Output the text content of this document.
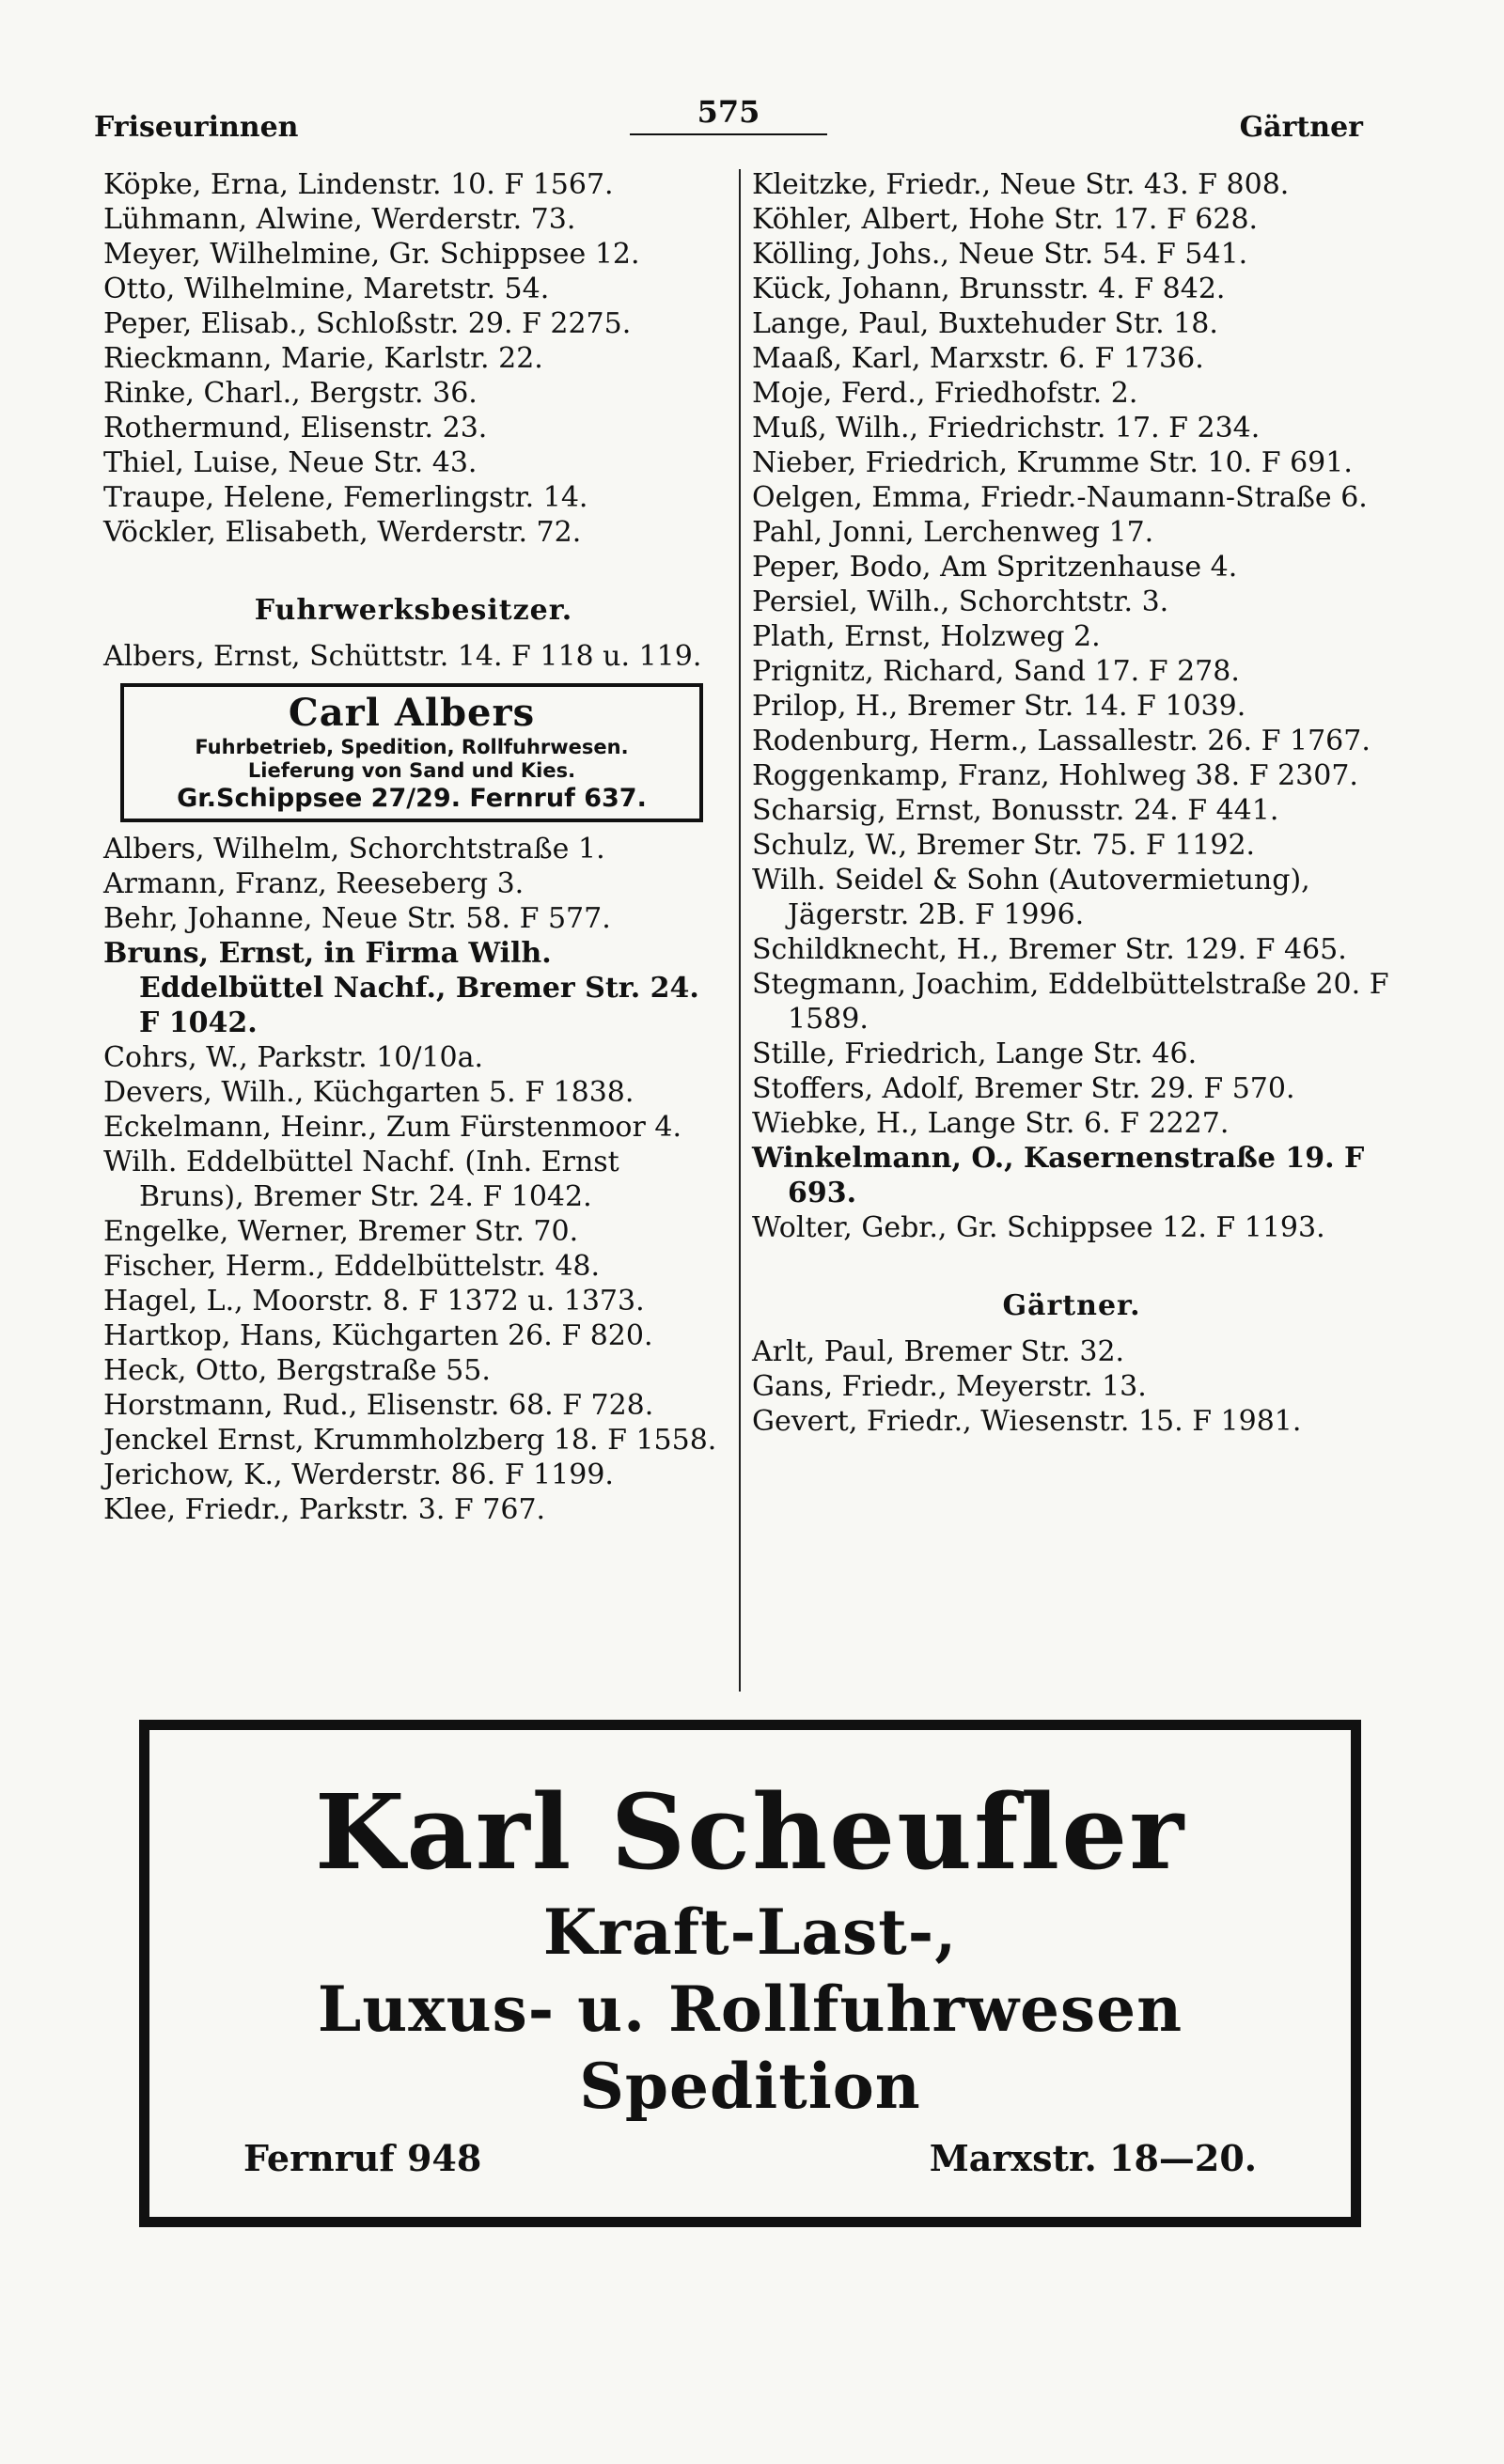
Friseurinnen	575	Gärtner
Köpke, Erna, Lindenstr. 10. F 1567.
Lühmann, Alwine, Werderstr. 73.
Meyer, Wilhelmine, Gr. Schippsee 12.
Otto, Wilhelmine, Maretstr. 54.
Peper, Elisab., Schloßstr. 29. F 2275.
Rieckmann, Marie, Karlstr. 22.
Rinke, Charl., Bergstr. 36.
Rothermund, Elisenstr. 23.
Thiel, Luise, Neue Str. 43.
Traupe, Helene, Femerlingstr. 14.
Vöckler, Elisabeth, Werderstr. 72.
Fuhrwerksbesitzer.
Albers, Ernst, Schüttstr. 14. F 118 u. 119.
Carl Albers
Fuhrbetrieb, Spedition, Rollfuhrwesen.
Lieferung von Sand und Kies.
Gr.Schippsee 27/29. Fernruf 637.
Albers, Wilhelm, Schorchtstraße 1.
Armann, Franz, Reeseberg 3.
Behr, Johanne, Neue Str. 58. F 577.
Bruns, Ernst, in Firma Wilh. Eddelbüttel Nachf., Bremer Str. 24. F 1042.
Cohrs, W., Parkstr. 10/10a.
Devers, Wilh., Küchgarten 5. F 1838.
Eckelmann, Heinr., Zum Fürstenmoor 4.
Wilh. Eddelbüttel Nachf. (Inh. Ernst Bruns), Bremer Str. 24. F 1042.
Engelke, Werner, Bremer Str. 70.
Fischer, Herm., Eddelbüttelstr. 48.
Hagel, L., Moorstr. 8. F 1372 u. 1373.
Hartkop, Hans, Küchgarten 26. F 820.
Heck, Otto, Bergstraße 55.
Horstmann, Rud., Elisenstr. 68. F 728.
Jenckel Ernst, Krummholzberg 18. F 1558.
Jerichow, K., Werderstr. 86. F 1199.
Klee, Friedr., Parkstr. 3. F 767.
Kleitzke, Friedr., Neue Str. 43. F 808.
Köhler, Albert, Hohe Str. 17. F 628.
Kölling, Johs., Neue Str. 54. F 541.
Kück, Johann, Brunsstr. 4. F 842.
Lange, Paul, Buxtehuder Str. 18.
Maaß, Karl, Marxstr. 6. F 1736.
Moje, Ferd., Friedhofstr. 2.
Muß, Wilh., Friedrichstr. 17. F 234.
Nieber, Friedrich, Krumme Str. 10. F 691.
Oelgen, Emma, Friedr.-Naumann-Straße 6.
Pahl, Jonni, Lerchenweg 17.
Peper, Bodo, Am Spritzenhause 4.
Persiel, Wilh., Schorchtstr. 3.
Plath, Ernst, Holzweg 2.
Prignitz, Richard, Sand 17. F 278.
Prilop, H., Bremer Str. 14. F 1039.
Rodenburg, Herm., Lassallestr. 26. F 1767.
Roggenkamp, Franz, Hohlweg 38. F 2307.
Scharsig, Ernst, Bonusstr. 24. F 441.
Schulz, W., Bremer Str. 75. F 1192.
Wilh. Seidel & Sohn (Autovermietung), Jägerstr. 2B. F 1996.
Schildknecht, H., Bremer Str. 129. F 465.
Stegmann, Joachim, Eddelbüttelstraße 20. F 1589.
Stille, Friedrich, Lange Str. 46.
Stoffers, Adolf, Bremer Str. 29. F 570.
Wiebke, H., Lange Str. 6. F 2227.
Winkelmann, O., Kasernenstraße 19. F 693.
Wolter, Gebr., Gr. Schippsee 12. F 1193.
Gärtner.
Arlt, Paul, Bremer Str. 32.
Gans, Friedr., Meyerstr. 13.
Gevert, Friedr., Wiesenstr. 15. F 1981.
Karl Scheufler
Kraft-Last-,
Luxus- u. Rollfuhrwesen
Spedition
Fernruf 948	Marxstr. 18—20.
